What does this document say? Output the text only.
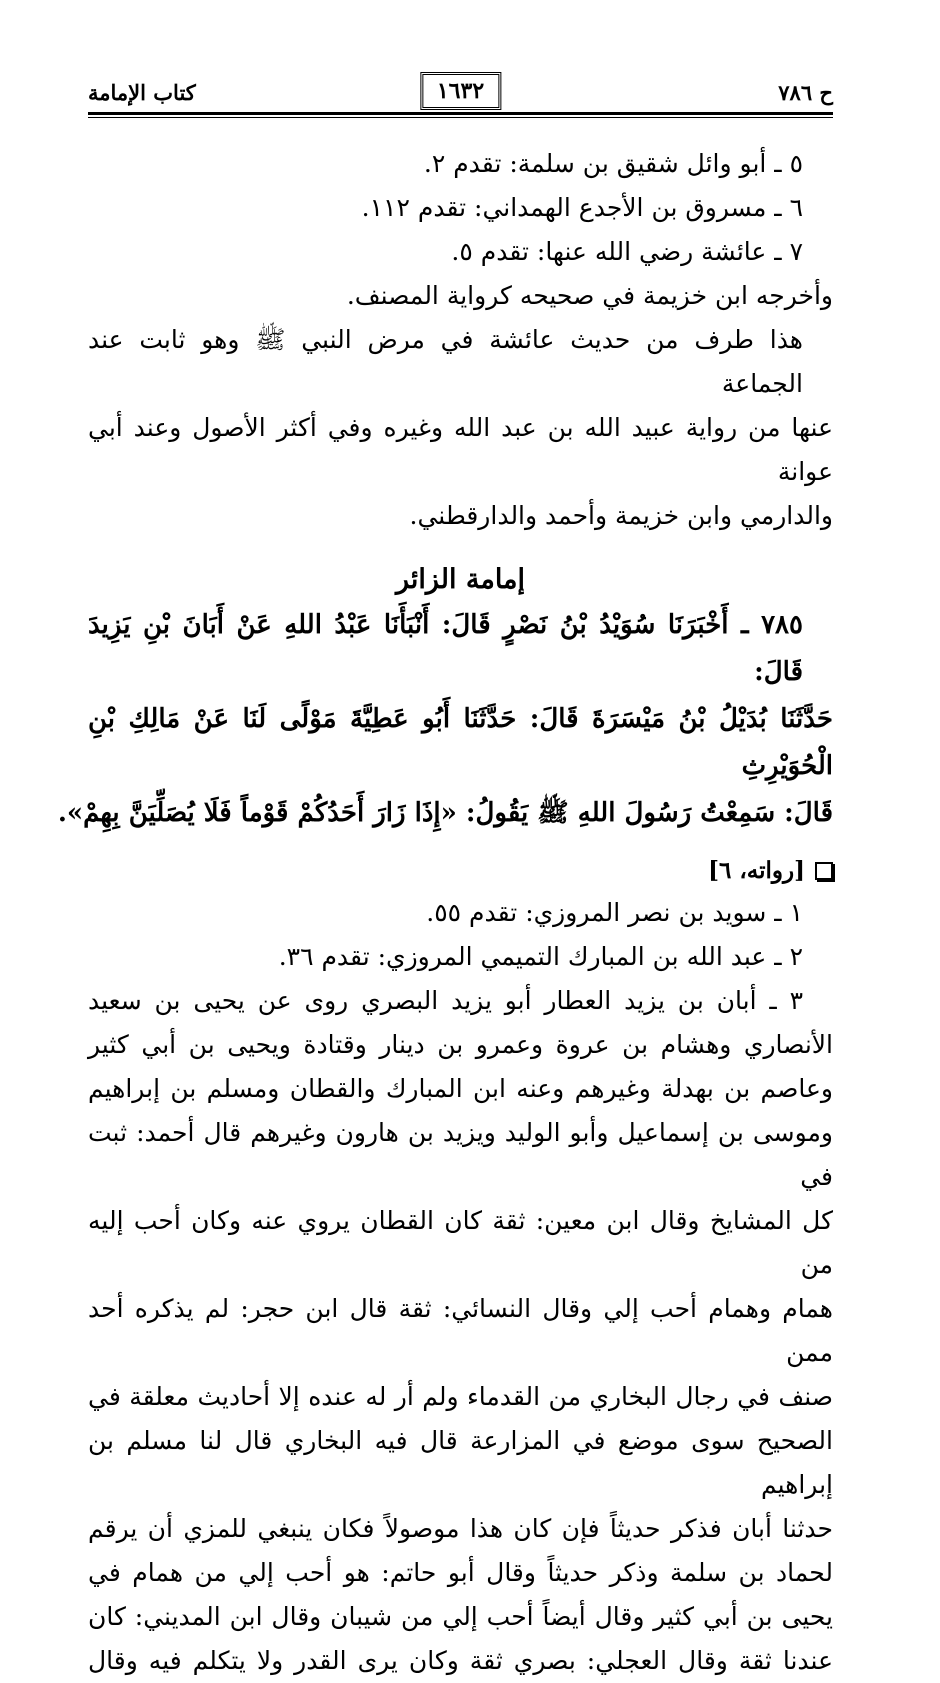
ح ٧٨٦
١٦٣٢
كتاب الإمامة
٥ ـ أبو وائل شقيق بن سلمة: تقدم ٢.
٦ ـ مسروق بن الأجدع الهمداني: تقدم ١١٢.
٧ ـ عائشة رضي الله عنها: تقدم ٥.
وأخرجه ابن خزيمة في صحيحه كرواية المصنف.
هذا طرف من حديث عائشة في مرض النبي ﷺ وهو ثابت عند الجماعة
عنها من رواية عبيد الله بن عبد الله وغيره وفي أكثر الأصول وعند أبي عوانة
والدارمي وابن خزيمة وأحمد والدارقطني.
إمامة الزائر
٧٨٥ ـ أَخْبَرَنَا سُوَيْدُ بْنُ نَصْرٍ قَالَ: أَنْبَأَنَا عَبْدُ اللهِ عَنْ أَبَانَ بْنِ يَزِيدَ قَالَ:
حَدَّثَنَا بُدَيْلُ بْنُ مَيْسَرَةَ قَالَ: حَدَّثَنَا أَبُو عَطِيَّةَ مَوْلًى لَنَا عَنْ مَالِكِ بْنِ الْحُوَيْرِثِ
قَالَ: سَمِعْتُ رَسُولَ اللهِ ﷺ يَقُولُ: «إِذَا زَارَ أَحَدُكُمْ قَوْماً فَلَا يُصَلِّيَنَّ بِهِمْ».
[رواته، ٦]
١ ـ سويد بن نصر المروزي: تقدم ٥٥.
٢ ـ عبد الله بن المبارك التميمي المروزي: تقدم ٣٦.
٣ ـ أبان بن يزيد العطار أبو يزيد البصري روى عن يحيى بن سعيد
الأنصاري وهشام بن عروة وعمرو بن دينار وقتادة ويحيى بن أبي كثير
وعاصم بن بهدلة وغيرهم وعنه ابن المبارك والقطان ومسلم بن إبراهيم
وموسى بن إسماعيل وأبو الوليد ويزيد بن هارون وغيرهم قال أحمد: ثبت في
كل المشايخ وقال ابن معين: ثقة كان القطان يروي عنه وكان أحب إليه من
همام وهمام أحب إلي وقال النسائي: ثقة قال ابن حجر: لم يذكره أحد ممن
صنف في رجال البخاري من القدماء ولم أر له عنده إلا أحاديث معلقة في
الصحيح سوى موضع في المزارعة قال فيه البخاري قال لنا مسلم بن إبراهيم
حدثنا أبان فذكر حديثاً فإن كان هذا موصولاً فكان ينبغي للمزي أن يرقم
لحماد بن سلمة وذكر حديثاً وقال أبو حاتم: هو أحب إلي من همام في
يحيى بن أبي كثير وقال أيضاً أحب إلي من شيبان وقال ابن المديني: كان
عندنا ثقة وقال العجلي: بصري ثقة وكان يرى القدر ولا يتكلم فيه وقال
